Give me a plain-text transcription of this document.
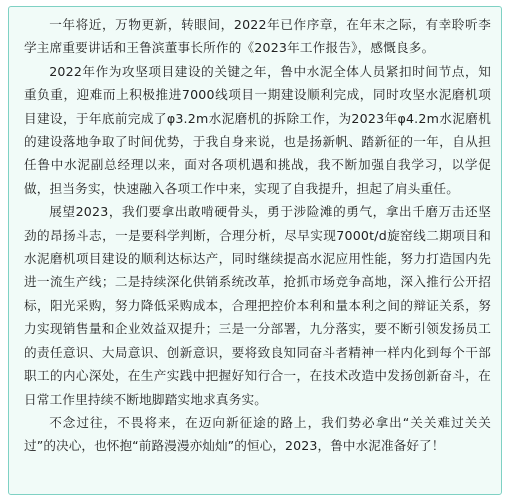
一年将近，万物更新，转眼间，2022年已作序章，在年末之际，有幸聆听李学主席重要讲话和王鲁滨董事长所作的《2023年工作报告》，感慨良多。

2022年作为攻坚项目建设的关键之年，鲁中水泥全体人员紧扣时间节点，知重负重，迎难而上积极推进7000线项目一期建设顺利完成，同时攻坚水泥磨机项目建设，于年底前完成了φ3.2m水泥磨机的拆除工作，为2023年φ4.2m水泥磨机的建设落地争取了时间优势，于我自身来说，也是扬新帆、踏新征的一年，自从担任鲁中水泥副总经理以来，面对各项机遇和挑战，我不断加强自我学习，以学促做，担当务实，快速融入各项工作中来，实现了自我提升，担起了肩头重任。

展望2023，我们要拿出敢啃硬骨头，勇于涉险滩的勇气，拿出千磨万击还坚劲的昂扬斗志，一是要科学判断，合理分析，尽早实现7000t/d旋窑线二期项目和水泥磨机项目建设的顺利达标达产，同时继续提高水泥应用性能，努力打造国内先进一流生产线；二是持续深化供销系统改革，抢抓市场竞争高地，深入推行公开招标，阳光采购，努力降低采购成本，合理把控价本利和量本利之间的辩证关系，努力实现销售量和企业效益双提升；三是一分部署，九分落实，要不断引领发扬员工的责任意识、大局意识、创新意识，要将致良知同奋斗者精神一样内化到每个干部职工的内心深处，在生产实践中把握好知行合一，在技术改造中发扬创新奋斗，在日常工作里持续不断地脚踏实地求真务实。

不念过往，不畏将来，在迈向新征途的路上，我们势必拿出“关关难过关关过”的决心，也怀抱“前路漫漫亦灿灿”的恒心，2023，鲁中水泥准备好了！
